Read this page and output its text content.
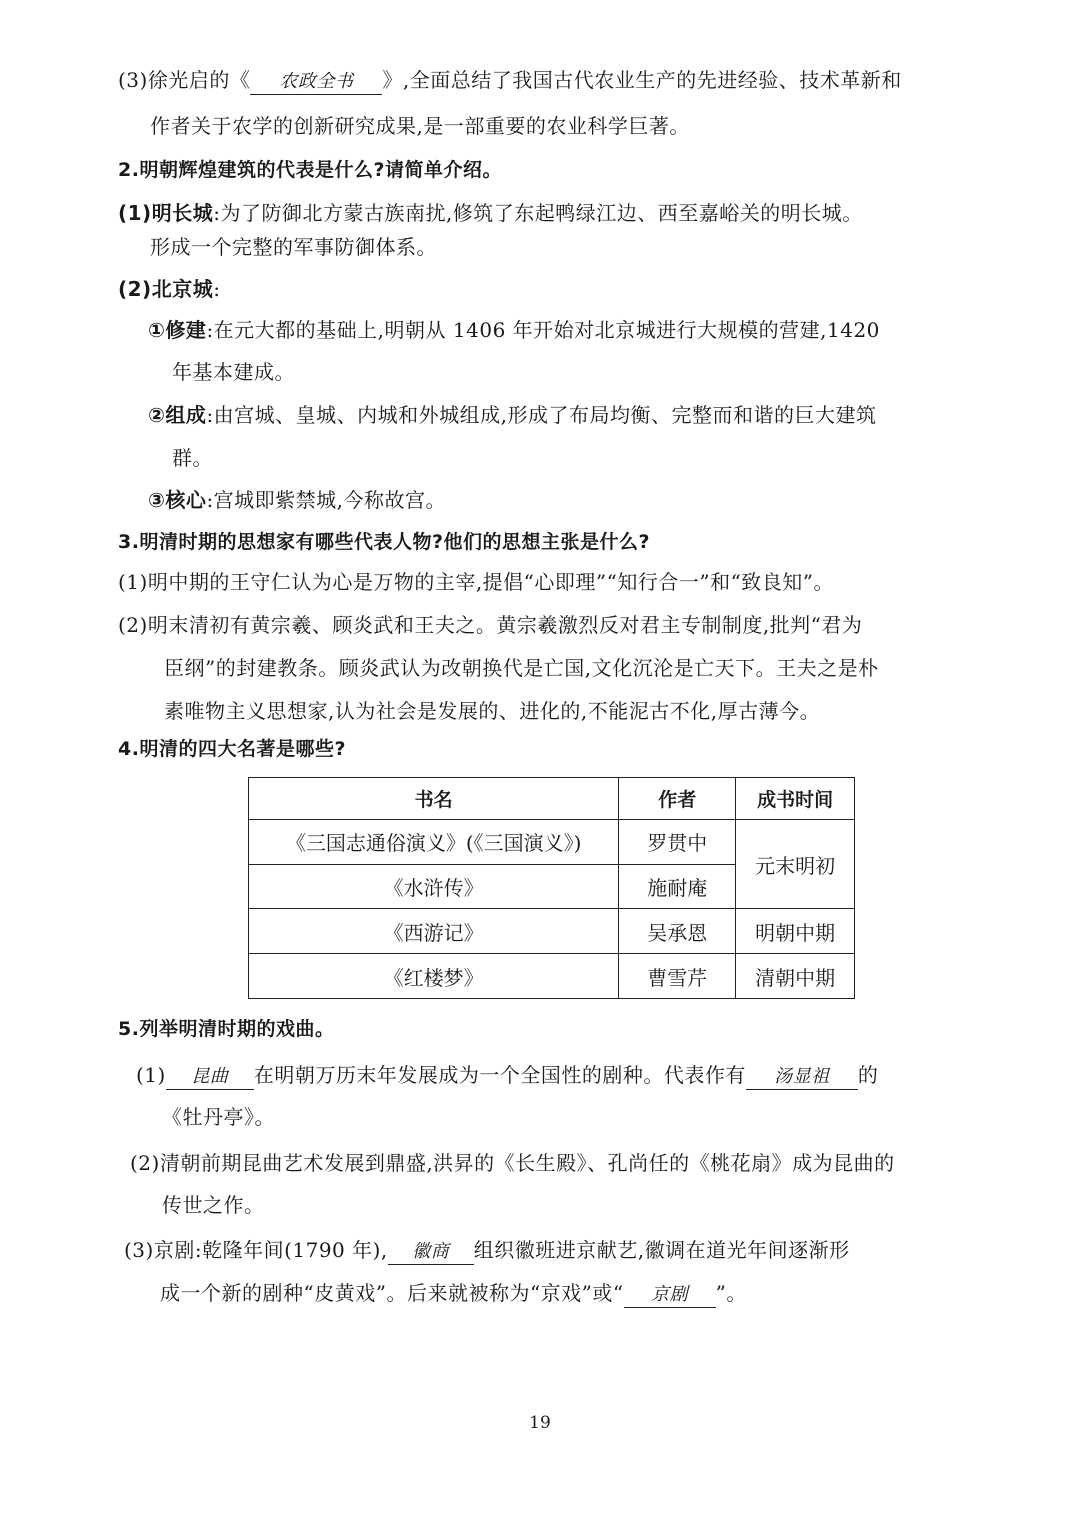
(3)徐光启的《 农政全书 》,全面总结了我国古代农业生产的先进经验、技术革新和
作者关于农学的创新研究成果,是一部重要的农业科学巨著。
2.明朝辉煌建筑的代表是什么?请简单介绍。
(1)明长城:为了防御北方蒙古族南扰,修筑了东起鸭绿江边、西至嘉峪关的明长城。
形成一个完整的军事防御体系。
(2)北京城:
①修建:在元大都的基础上,明朝从 1406 年开始对北京城进行大规模的营建,1420
年基本建成。
②组成:由宫城、皇城、内城和外城组成,形成了布局均衡、完整而和谐的巨大建筑
群。
③核心:宫城即紫禁城,今称故宫。
3.明清时期的思想家有哪些代表人物?他们的思想主张是什么?
(1)明中期的王守仁认为心是万物的主宰,提倡“心即理”“知行合一”和“致良知”。
(2)明末清初有黄宗羲、顾炎武和王夫之。黄宗羲激烈反对君主专制制度,批判“君为
臣纲”的封建教条。顾炎武认为改朝换代是亡国,文化沉沦是亡天下。王夫之是朴
素唯物主义思想家,认为社会是发展的、进化的,不能泥古不化,厚古薄今。
4.明清的四大名著是哪些?
书名	作者	成书时间
《三国志通俗演义》(《三国演义》)	罗贯中	元末明初
《水浒传》	施耐庵	
《西游记》	吴承恩	明朝中期
《红楼梦》	曹雪芹	清朝中期
5.列举明清时期的戏曲。
(1) 昆曲 在明朝万历末年发展成为一个全国性的剧种。代表作有 汤显祖 的
《牡丹亭》。
(2)清朝前期昆曲艺术发展到鼎盛,洪昇的《长生殿》、孔尚任的《桃花扇》成为昆曲的
传世之作。
(3)京剧:乾隆年间(1790 年), 徽商 组织徽班进京献艺,徽调在道光年间逐渐形
成一个新的剧种“皮黄戏”。后来就被称为“京戏”或“ 京剧 ”。
19
